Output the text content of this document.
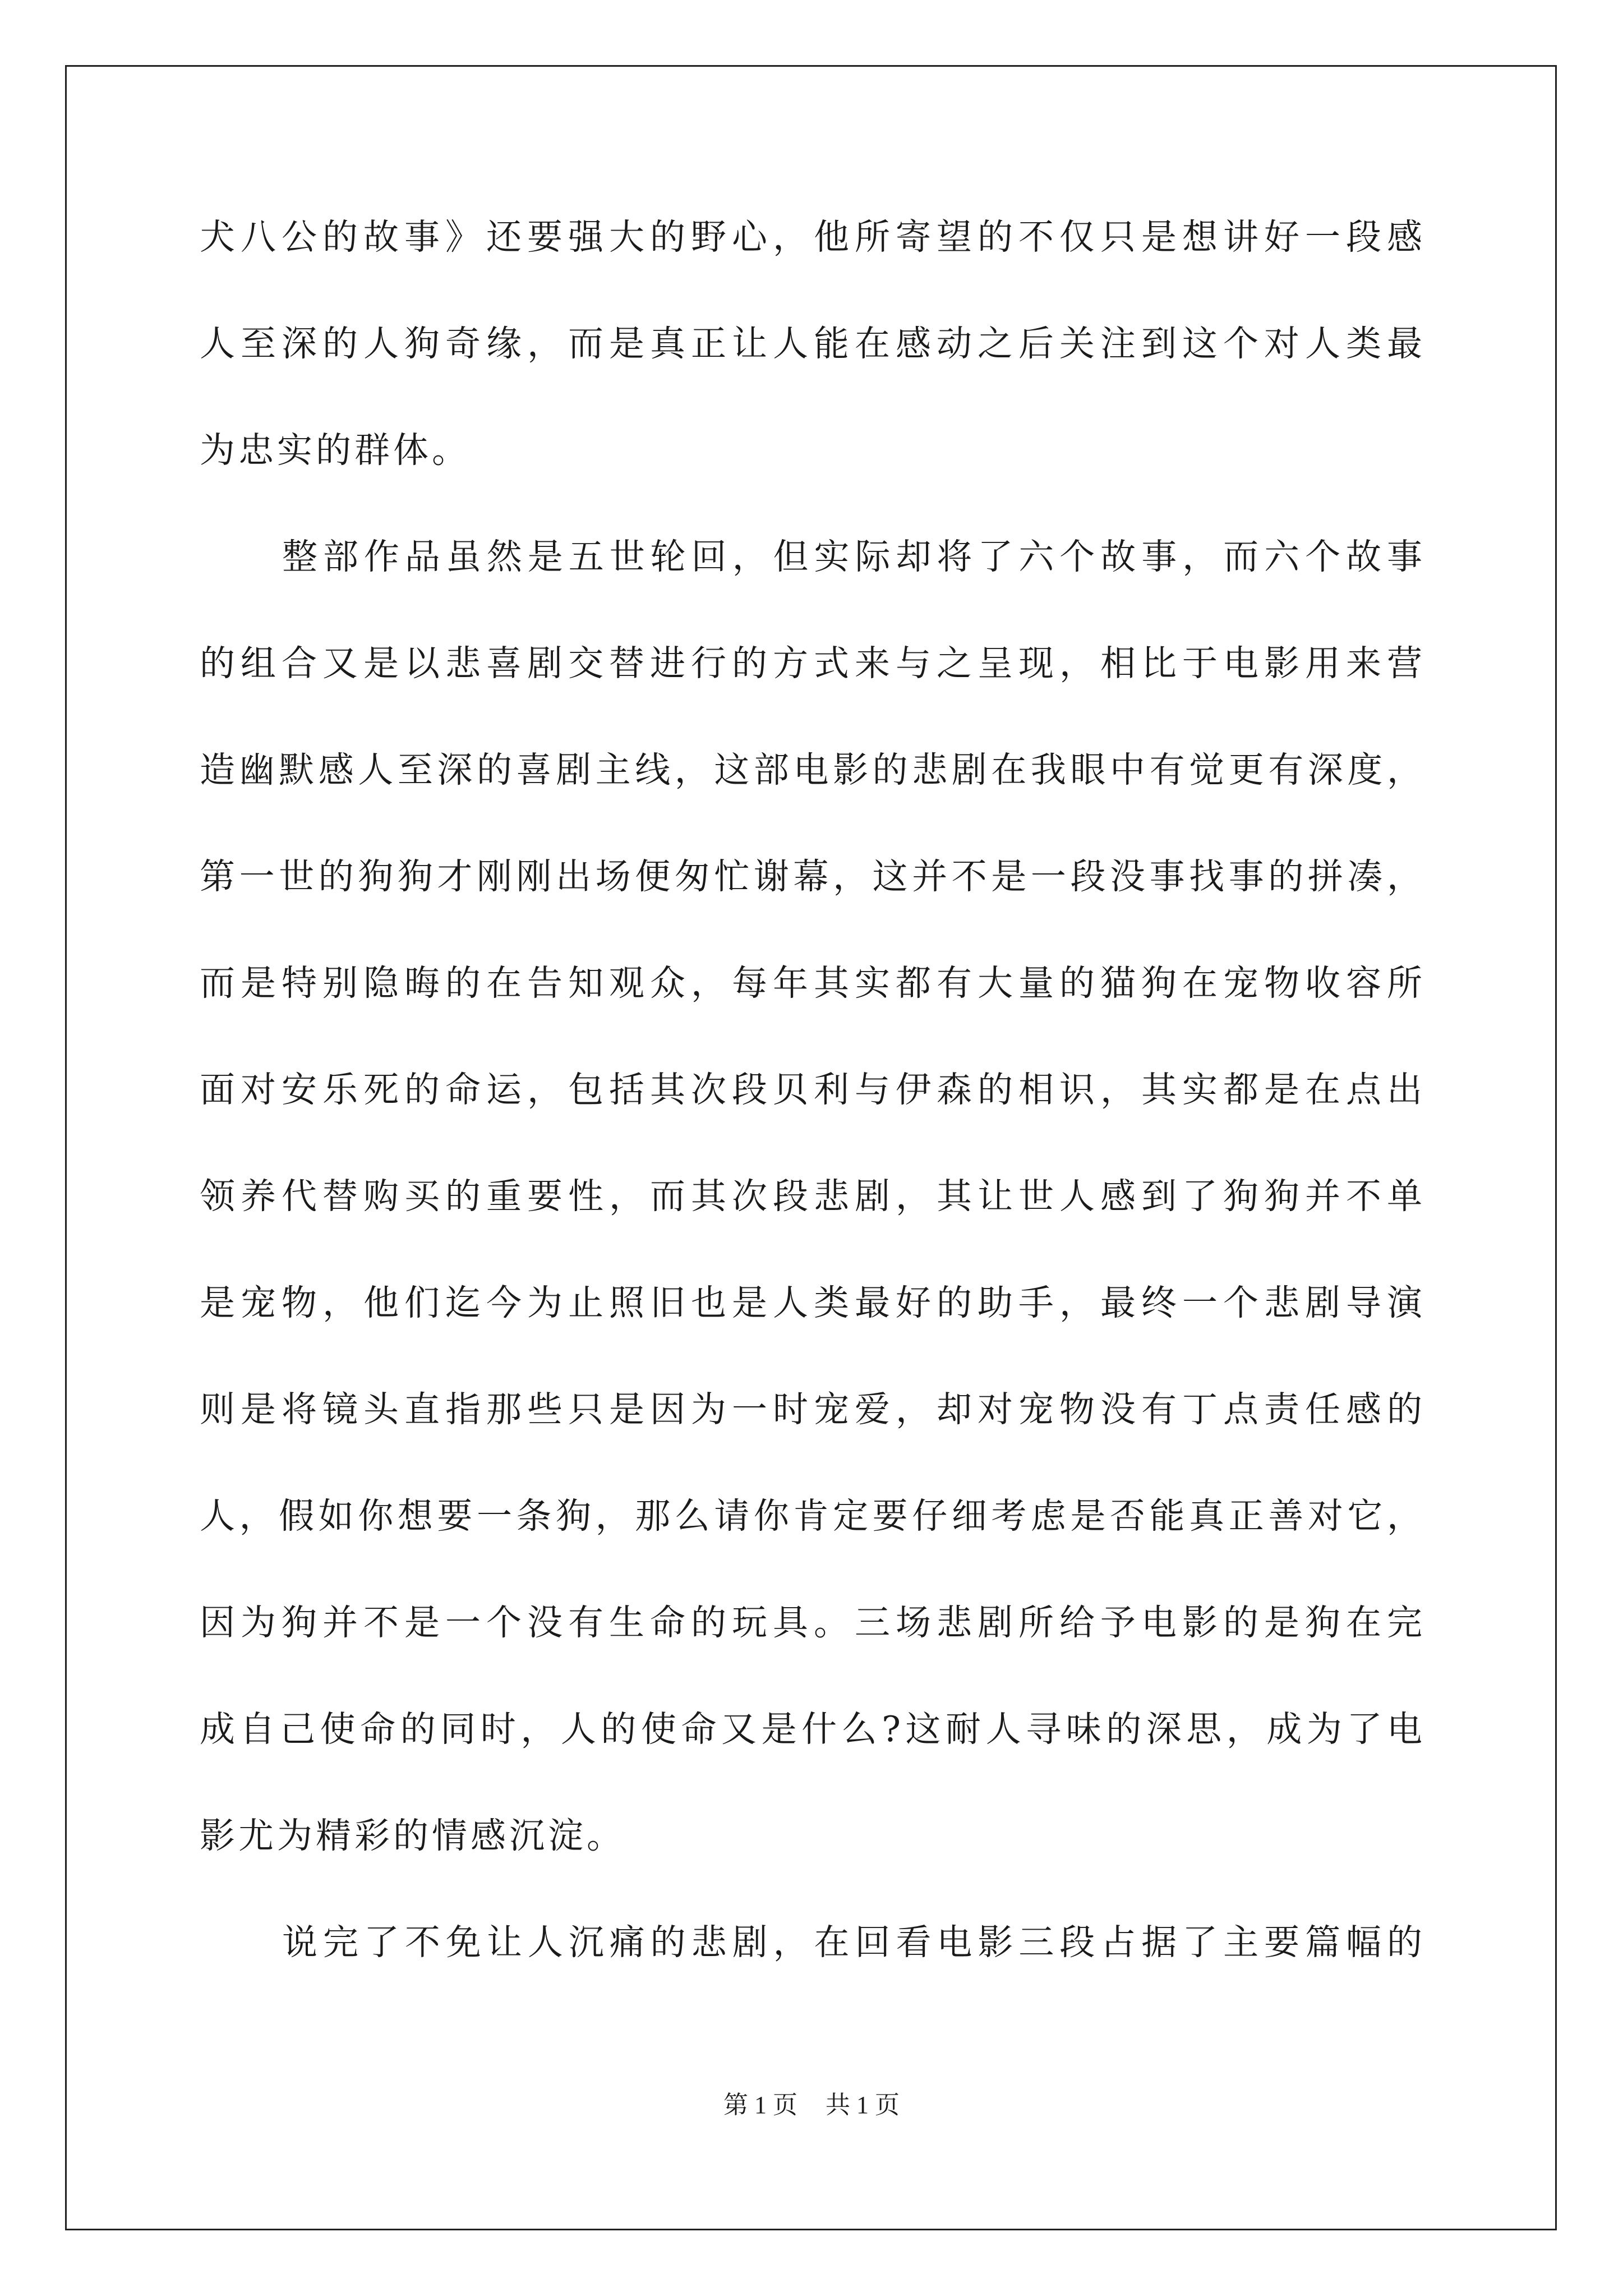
犬八公的故事》还要强大的野心，他所寄望的不仅只是想讲好一段感
人至深的人狗奇缘，而是真正让人能在感动之后关注到这个对人类最
为忠实的群体。
整部作品虽然是五世轮回，但实际却将了六个故事，而六个故事
的组合又是以悲喜剧交替进行的方式来与之呈现，相比于电影用来营
造幽默感人至深的喜剧主线，这部电影的悲剧在我眼中有觉更有深度，
第一世的狗狗才刚刚出场便匆忙谢幕，这并不是一段没事找事的拼凑，
而是特别隐晦的在告知观众，每年其实都有大量的猫狗在宠物收容所
面对安乐死的命运，包括其次段贝利与伊森的相识，其实都是在点出
领养代替购买的重要性，而其次段悲剧，其让世人感到了狗狗并不单
是宠物，他们迄今为止照旧也是人类最好的助手，最终一个悲剧导演
则是将镜头直指那些只是因为一时宠爱，却对宠物没有丁点责任感的
人，假如你想要一条狗，那么请你肯定要仔细考虑是否能真正善对它，
因为狗并不是一个没有生命的玩具。三场悲剧所给予电影的是狗在完
成自己使命的同时，人的使命又是什么?这耐人寻味的深思，成为了电
影尤为精彩的情感沉淀。
说完了不免让人沉痛的悲剧，在回看电影三段占据了主要篇幅的
第 1 页 共 1 页
